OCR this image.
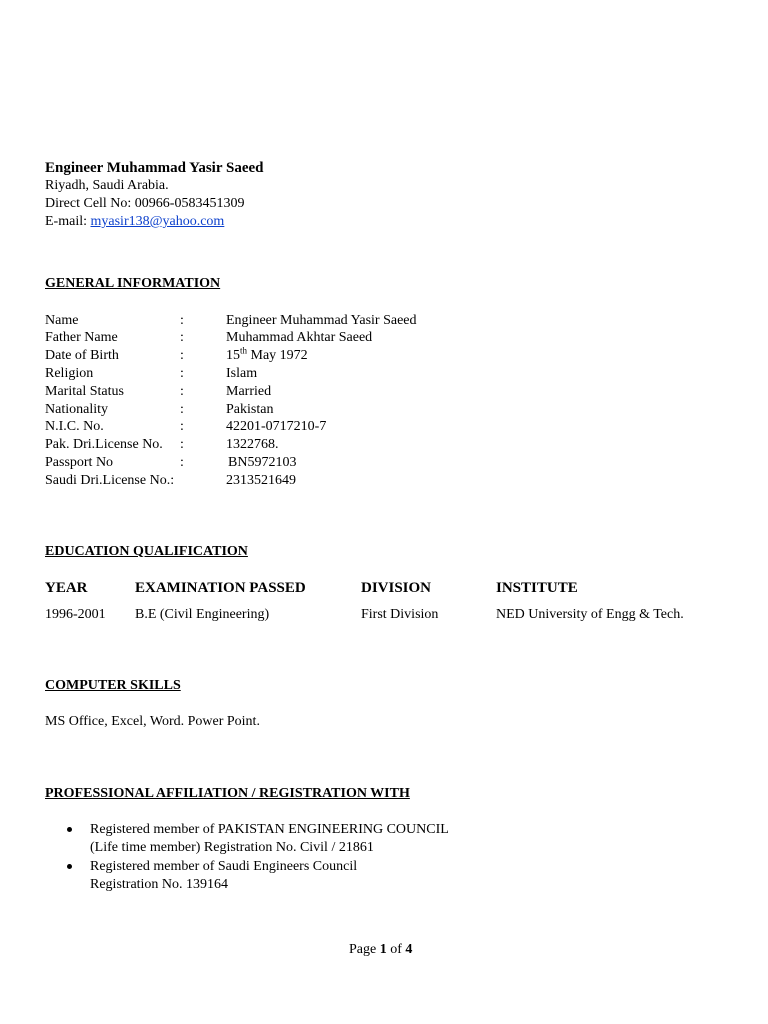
Engineer Muhammad Yasir Saeed
Riyadh, Saudi Arabia.
Direct Cell No: 00966-0583451309
E-mail: myasir138@yahoo.com
GENERAL INFORMATION
Name	:	Engineer Muhammad Yasir Saeed
Father Name	:	Muhammad Akhtar Saeed
Date of Birth	:	15th May 1972
Religion	:	Islam
Marital Status	:	Married
Nationality	:	Pakistan
N.I.C. No.	:	42201-0717210-7
Pak. Dri.License No. :	1322768.
Passport No	:	BN5972103
Saudi Dri.License No.:	2313521649
EDUCATION QUALIFICATION
YEAR	EXAMINATION PASSED	DIVISION	INSTITUTE
1996-2001 B.E (Civil Engineering)	First Division	NED University of Engg & Tech.
COMPUTER SKILLS
MS Office, Excel, Word. Power Point.
PROFESSIONAL AFFILIATION / REGISTRATION WITH
Registered member of PAKISTAN ENGINEERING COUNCIL
(Life time member) Registration No. Civil / 21861
Registered member of Saudi Engineers Council
Registration No. 139164
Page 1 of 4
